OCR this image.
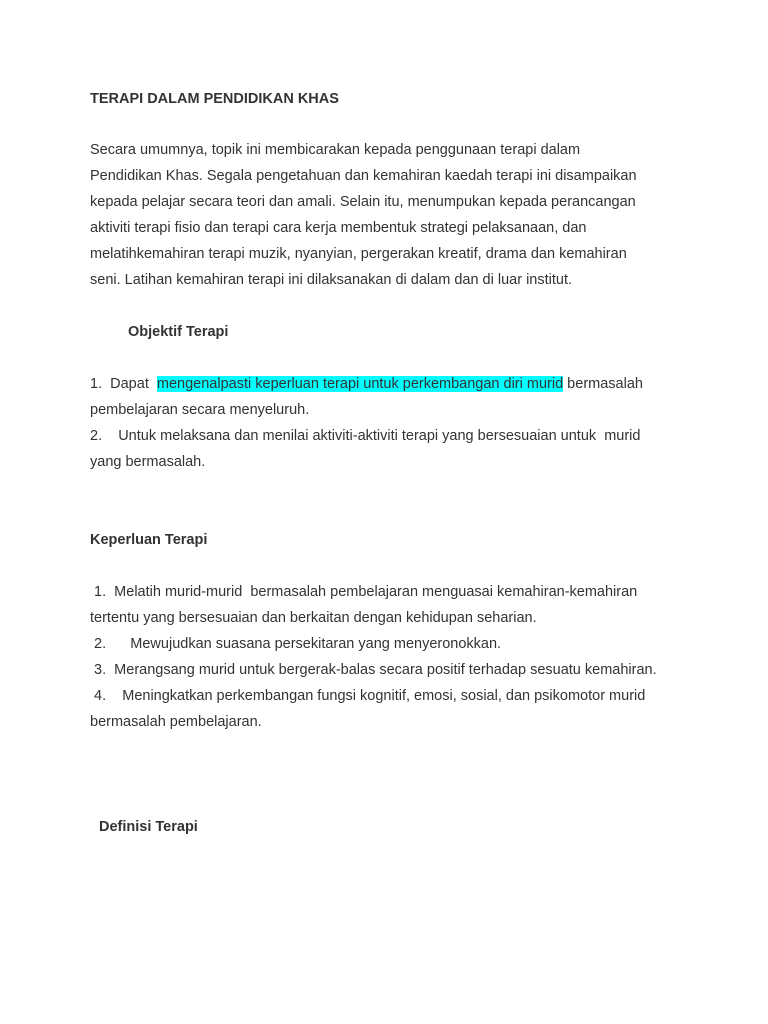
TERAPI DALAM PENDIDIKAN KHAS
Secara umumnya, topik ini membicarakan kepada penggunaan terapi dalam
Pendidikan Khas. Segala pengetahuan dan kemahiran kaedah terapi ini disampaikan
kepada pelajar secara teori dan amali. Selain itu, menumpukan kepada perancangan
aktiviti terapi fisio dan terapi cara kerja membentuk strategi pelaksanaan, dan
melatihkemahiran terapi muzik, nyanyian, pergerakan kreatif, drama dan kemahiran
seni. Latihan kemahiran terapi ini dilaksanakan di dalam dan di luar institut.
Objektif Terapi
1.  Dapat  mengenalpasti keperluan terapi untuk perkembangan diri murid bermasalah
pembelajaran secara menyeluruh.
2.    Untuk melaksana dan menilai aktiviti-aktiviti terapi yang bersesuaian untuk  murid
yang bermasalah.
Keperluan Terapi
1.  Melatih murid-murid  bermasalah pembelajaran menguasai kemahiran-kemahiran
tertentu yang bersesuaian dan berkaitan dengan kehidupan seharian.
2.      Mewujudkan suasana persekitaran yang menyeronokkan.
3.  Merangsang murid untuk bergerak-balas secara positif terhadap sesuatu kemahiran.
4.    Meningkatkan perkembangan fungsi kognitif, emosi, sosial, dan psikomotor murid
bermasalah pembelajaran.
Definisi Terapi
